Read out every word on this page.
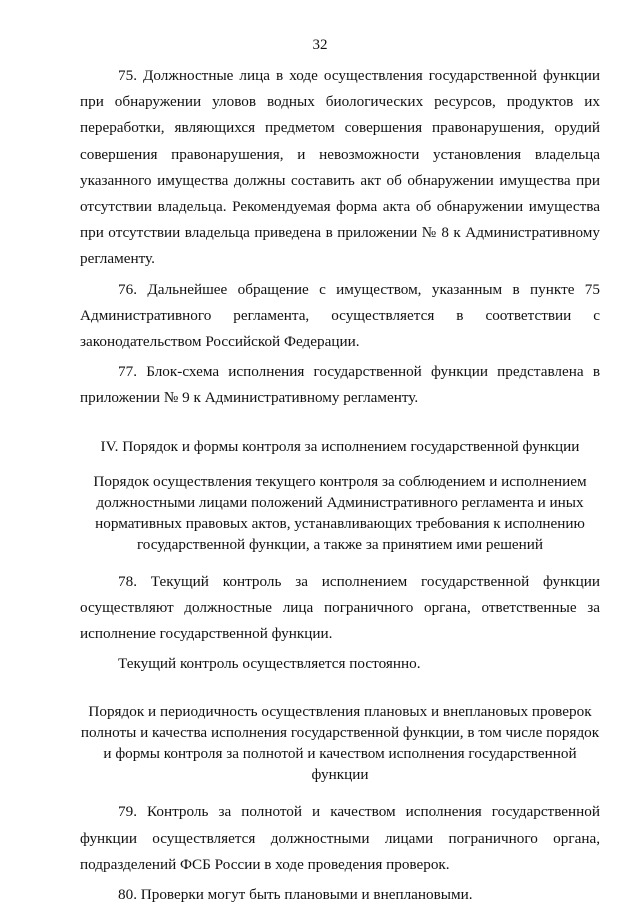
32

75. Должностные лица в ходе осуществления государственной функции при обнаружении уловов водных биологических ресурсов, продуктов их переработки, являющихся предметом совершения правонарушения, орудий совершения правонарушения, и невозможности установления владельца указанного имущества должны составить акт об обнаружении имущества при отсутствии владельца. Рекомендуемая форма акта об обнаружении имущества при отсутствии владельца приведена в приложении № 8 к Административному регламенту.

76. Дальнейшее обращение с имуществом, указанным в пункте 75 Административного регламента, осуществляется в соответствии с законодательством Российской Федерации.

77. Блок-схема исполнения государственной функции представлена в приложении № 9 к Административному регламенту.

IV. Порядок и формы контроля за исполнением государственной функции

Порядок осуществления текущего контроля за соблюдением и исполнением должностными лицами положений Административного регламента и иных нормативных правовых актов, устанавливающих требования к исполнению государственной функции, а также за принятием ими решений

78. Текущий контроль за исполнением государственной функции осуществляют должностные лица пограничного органа, ответственные за исполнение государственной функции.

Текущий контроль осуществляется постоянно.

Порядок и периодичность осуществления плановых и внеплановых проверок полноты и качества исполнения государственной функции, в том числе порядок и формы контроля за полнотой и качеством исполнения государственной функции

79. Контроль за полнотой и качеством исполнения государственной функции осуществляется должностными лицами пограничного органа, подразделений ФСБ России в ходе проведения проверок.

80. Проверки могут быть плановыми и внеплановыми.
